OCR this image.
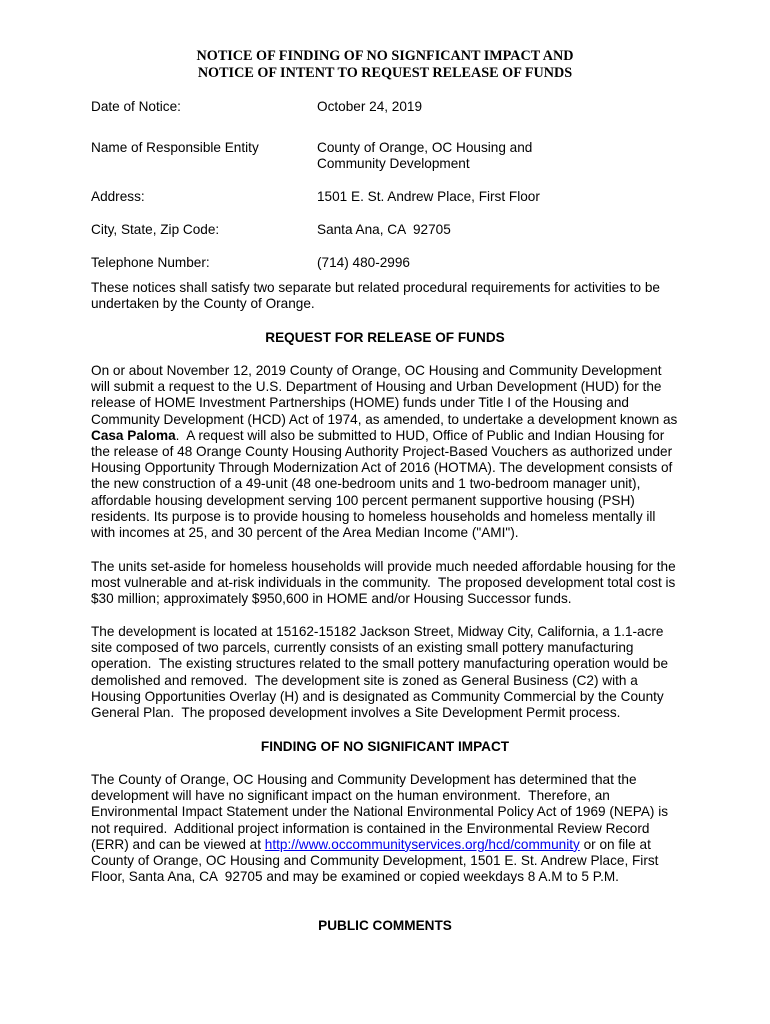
NOTICE OF FINDING OF NO SIGNFICANT IMPACT AND
NOTICE OF INTENT TO REQUEST RELEASE OF FUNDS
Date of Notice:	October 24, 2019
Name of Responsible Entity	County of Orange, OC Housing and Community Development
Address:	1501 E. St. Andrew Place, First Floor
City, State, Zip Code:	Santa Ana, CA  92705
Telephone Number:	(714) 480-2996

These notices shall satisfy two separate but related procedural requirements for activities to be undertaken by the County of Orange.

REQUEST FOR RELEASE OF FUNDS

On or about November 12, 2019 County of Orange, OC Housing and Community Development will submit a request to the U.S. Department of Housing and Urban Development (HUD) for the release of HOME Investment Partnerships (HOME) funds under Title I of the Housing and Community Development (HCD) Act of 1974, as amended, to undertake a development known as Casa Paloma.  A request will also be submitted to HUD, Office of Public and Indian Housing for the release of 48 Orange County Housing Authority Project-Based Vouchers as authorized under Housing Opportunity Through Modernization Act of 2016 (HOTMA). The development consists of the new construction of a 49-unit (48 one-bedroom units and 1 two-bedroom manager unit), affordable housing development serving 100 percent permanent supportive housing (PSH) residents. Its purpose is to provide housing to homeless households and homeless mentally ill with incomes at 25, and 30 percent of the Area Median Income ("AMI").

The units set-aside for homeless households will provide much needed affordable housing for the most vulnerable and at-risk individuals in the community.  The proposed development total cost is $30 million; approximately $950,600 in HOME and/or Housing Successor funds.

The development is located at 15162-15182 Jackson Street, Midway City, California, a 1.1-acre site composed of two parcels, currently consists of an existing small pottery manufacturing operation.  The existing structures related to the small pottery manufacturing operation would be demolished and removed.  The development site is zoned as General Business (C2) with a Housing Opportunities Overlay (H) and is designated as Community Commercial by the County General Plan.  The proposed development involves a Site Development Permit process.

FINDING OF NO SIGNIFICANT IMPACT

The County of Orange, OC Housing and Community Development has determined that the development will have no significant impact on the human environment.  Therefore, an Environmental Impact Statement under the National Environmental Policy Act of 1969 (NEPA) is not required.  Additional project information is contained in the Environmental Review Record (ERR) and can be viewed at http://www.occommunityservices.org/hcd/community or on file at County of Orange, OC Housing and Community Development, 1501 E. St. Andrew Place, First Floor, Santa Ana, CA  92705 and may be examined or copied weekdays 8 A.M to 5 P.M.

PUBLIC COMMENTS
